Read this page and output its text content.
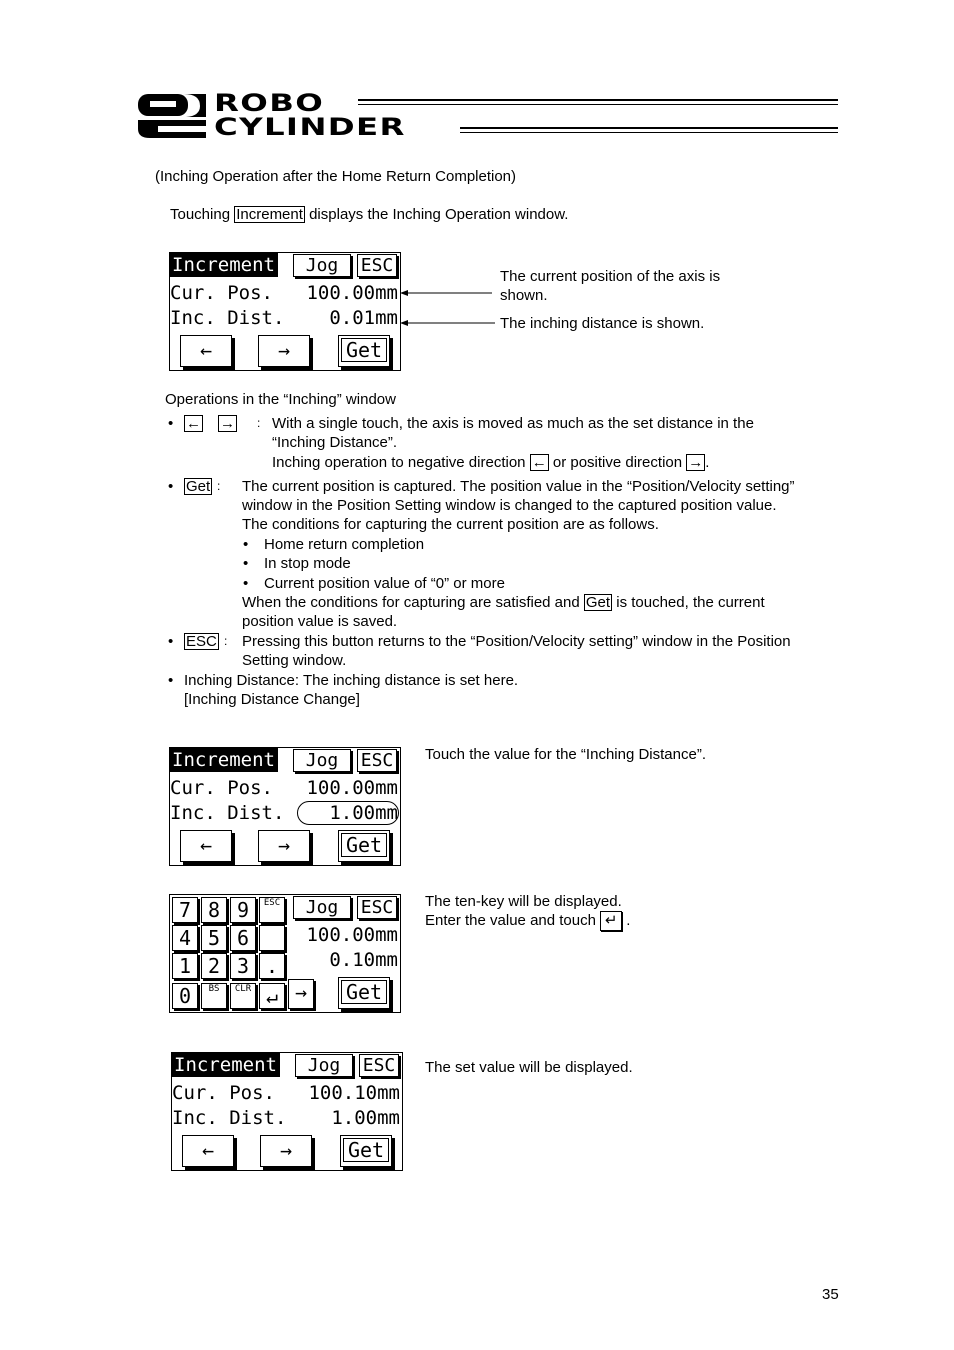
ROBO
CYLINDER
(Inching Operation after the Home Return Completion)
Touching Increment displays the Inching Operation window.
Increment	Jog	ESC
Cur. Pos. 100.00mm
Inc. Dist. 0.01mm
←	→	Get
The current position of the axis is
shown.
The inching distance is shown.
Operations in the “Inching” window
• ← → : With a single touch, the axis is moved as much as the set distance in the
“Inching Distance”.
Inching operation to negative direction ← or positive direction → .
• Get : The current position is captured. The position value in the “Position/Velocity setting”
window in the Position Setting window is changed to the captured position value.
The conditions for capturing the current position are as follows.
• Home return completion
• In stop mode
• Current position value of “0” or more
When the conditions for capturing are satisfied and Get is touched, the current
position value is saved.
• ESC : Pressing this button returns to the “Position/Velocity setting” window in the Position
Setting window.
• Inching Distance: The inching distance is set here.
[Inching Distance Change]
Increment	Jog	ESC
Cur. Pos. 100.00mm
Inc. Dist. 1.00mm
←	→	Get
Touch the value for the “Inching Distance”.
7 8 9	ESC
4 5 6
1 2 3 .
0	BS	CLR ↵ →
Jog	ESC
100.00mm
0.10mm
Get
The ten-key will be displayed.
Enter the value and touch ↵ .
Increment	Jog	ESC
Cur. Pos. 100.10mm
Inc. Dist. 1.00mm
←	→	Get
The set value will be displayed.
35
